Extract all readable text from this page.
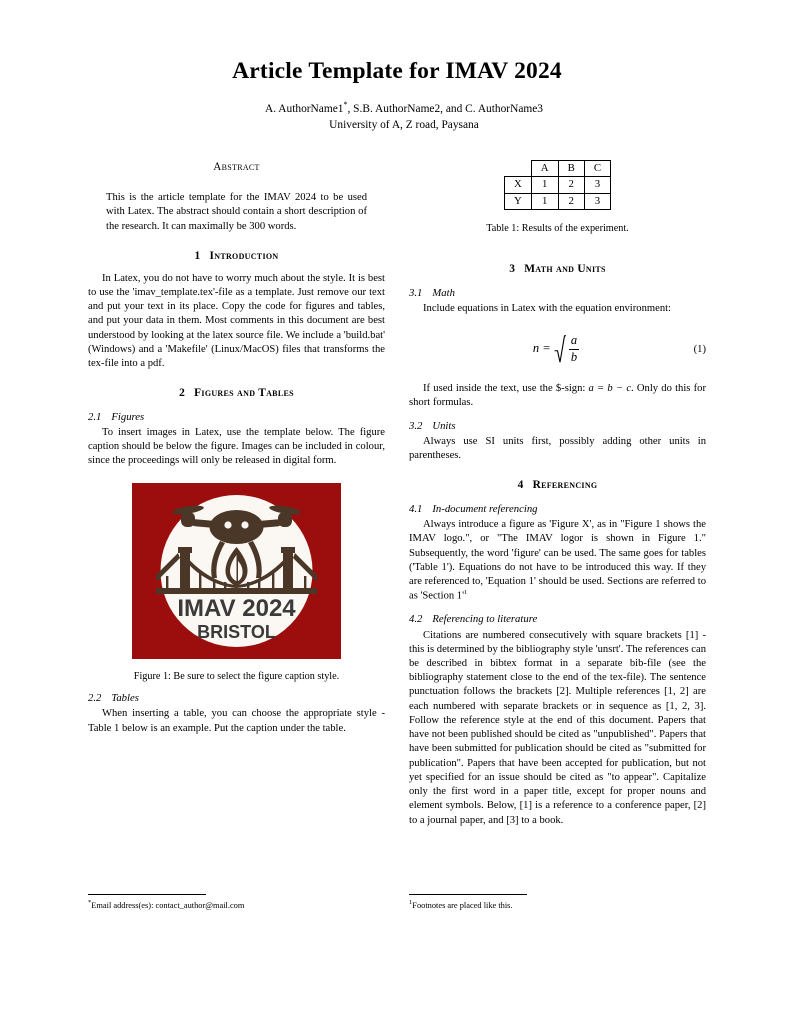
Article Template for IMAV 2024

A. AuthorName1*, S.B. AuthorName2, and C. AuthorName3

University of A, Z road, Paysana

Abstract

This is the article template for the IMAV 2024 to be used with Latex. The abstract should contain a short description of the research. It can maximally be 300 words.

1 Introduction

In Latex, you do not have to worry much about the style. It is best to use the 'imav_template.tex'-file as a template. Just remove our text and put your text in its place. Copy the code for figures and tables, and put your data in them. Most comments in this document are best understood by looking at the latex source file. We include a 'build.bat' (Windows) and a 'Makefile' (Linux/MacOS) files that transforms the tex-file into a pdf.

2 Figures and Tables
2.1 Figures

To insert images in Latex, use the template below. The figure caption should be below the figure. Images can be included in colour, since the proceedings will only be released in digital form.

IMAV 2024
BRISTOL

Figure 1: Be sure to select the figure caption style.

2.2 Tables

When inserting a table, you can choose the appropriate style - Table 1 below is an example. Put the caption under the table.

	A	B	C
X	1	2	3
Y	1	2	3

Table 1: Results of the experiment.

3 Math and Units
3.1 Math

Include equations in Latex with the equation environment:

$n = \frac{a}{b}$	(1)

If used inside the text, use the $-sign: a = b − c. Only do this for short formulas.

3.2 Units

Always use SI units first, possibly adding other units in parentheses.

4 Referencing
4.1 In-document referencing

Always introduce a figure as 'Figure X', as in "Figure 1 shows the IMAV logo.", or "The IMAV logor is shown in Figure 1." Subsequently, the word 'figure' can be used. The same goes for tables ('Table 1'). Equations do not have to be introduced this way. If they are referenced to, 'Equation 1' should be used. Sections are referred to as 'Section 1'$^1$

4.2 Referencing to literature

Citations are numbered consecutively with square brackets [1] - this is determined by the bibliography style 'unsrt'. The references can be described in bibtex format in a separate bib-file (see the bibliography statement close to the end of the tex-file). The sentence punctuation follows the brackets [2]. Multiple references [1, 2] are each numbered with separate brackets or in sequence as [1, 2, 3]. Follow the reference style at the end of this document. Papers that have not been published should be cited as "unpublished". Papers that have been submitted for publication should be cited as "submitted for publication". Papers that have been accepted for publication, but not yet specified for an issue should be cited as "to appear". Capitalize only the first word in a paper title, except for proper nouns and element symbols. Below, [1] is a reference to a conference paper, [2] to a journal paper, and [3] to a book.

*Email address(es): contact_author@mail.com	$^1$Footnotes are placed like this.
